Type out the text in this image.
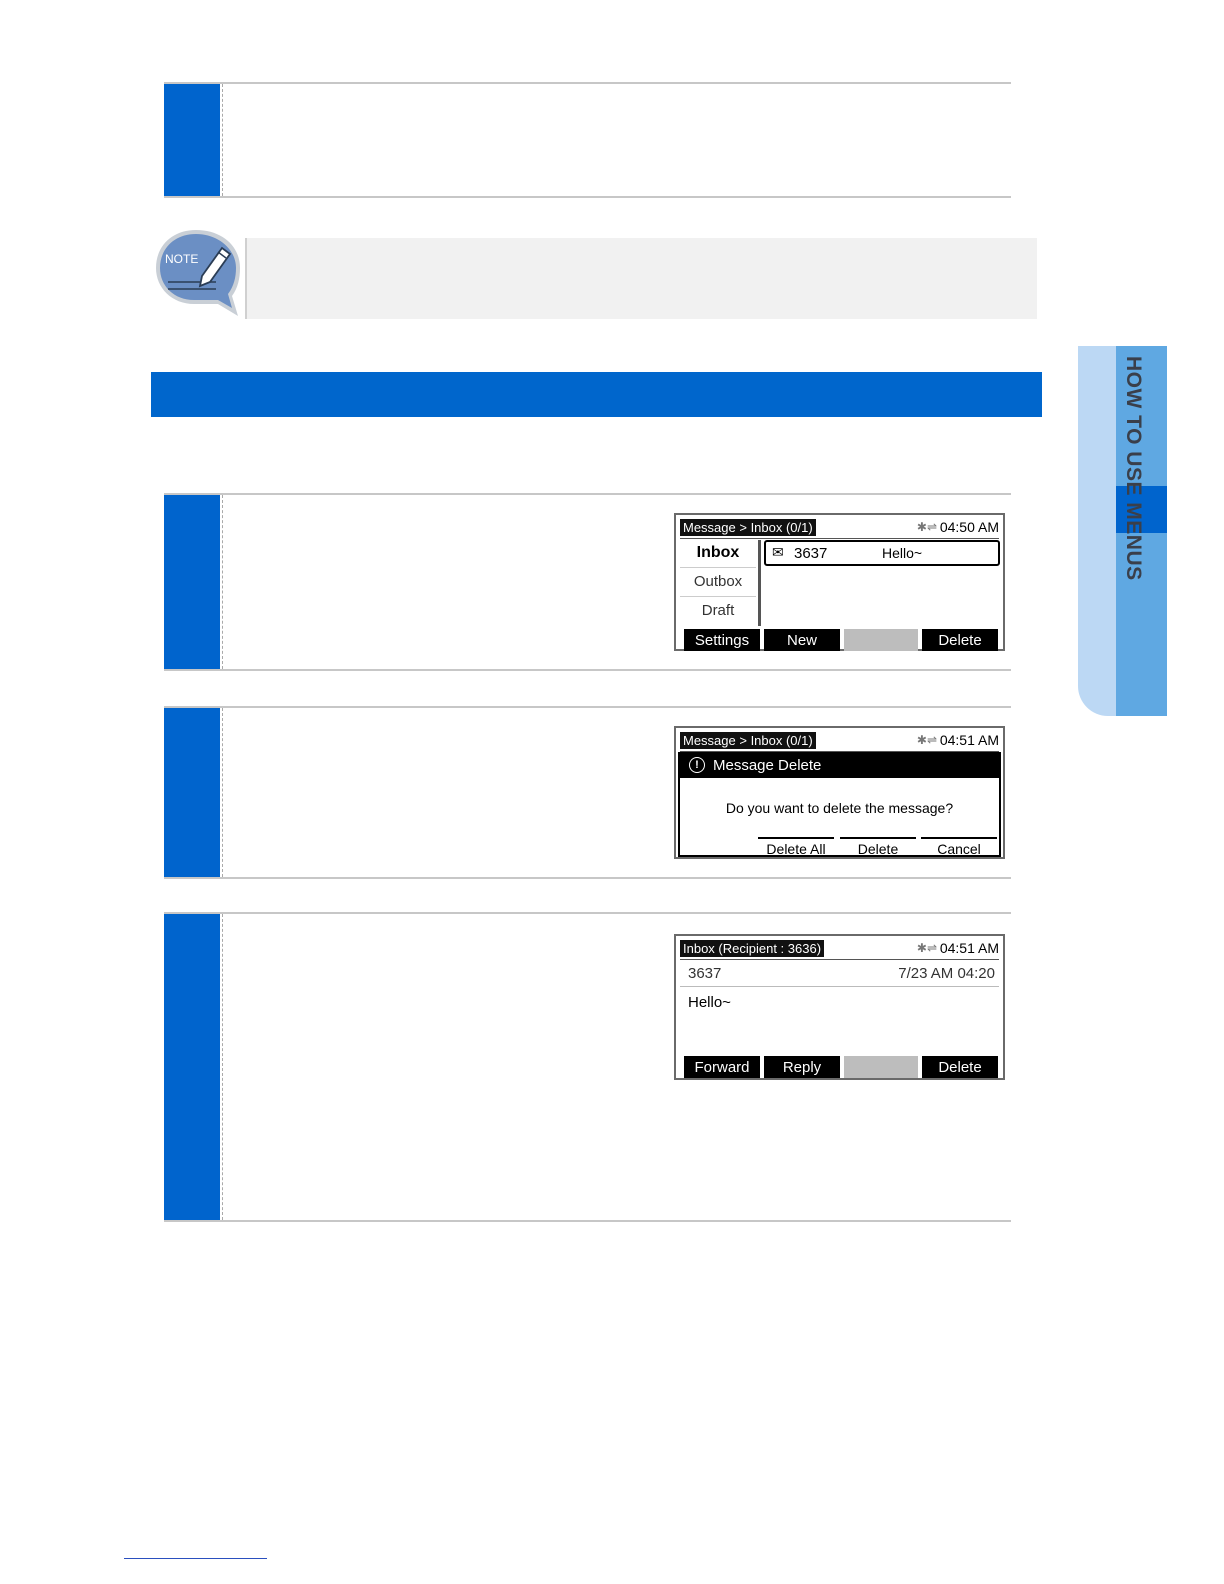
NOTE
HOW TO USE MENUS
Message > Inbox (0/1)	✱⇌ 04:50 AM
Inbox
Outbox
Draft
✉ 3637	Hello~
Settings	New	Delete
Message > Inbox (0/1)	✱⇌ 04:51 AM
! Message Delete
Do you want to delete the message?
Delete All	Delete	Cancel
Inbox (Recipient : 3636)	✱⇌ 04:51 AM
3637	7/23 AM 04:20
Hello~
Forward	Reply	Delete
